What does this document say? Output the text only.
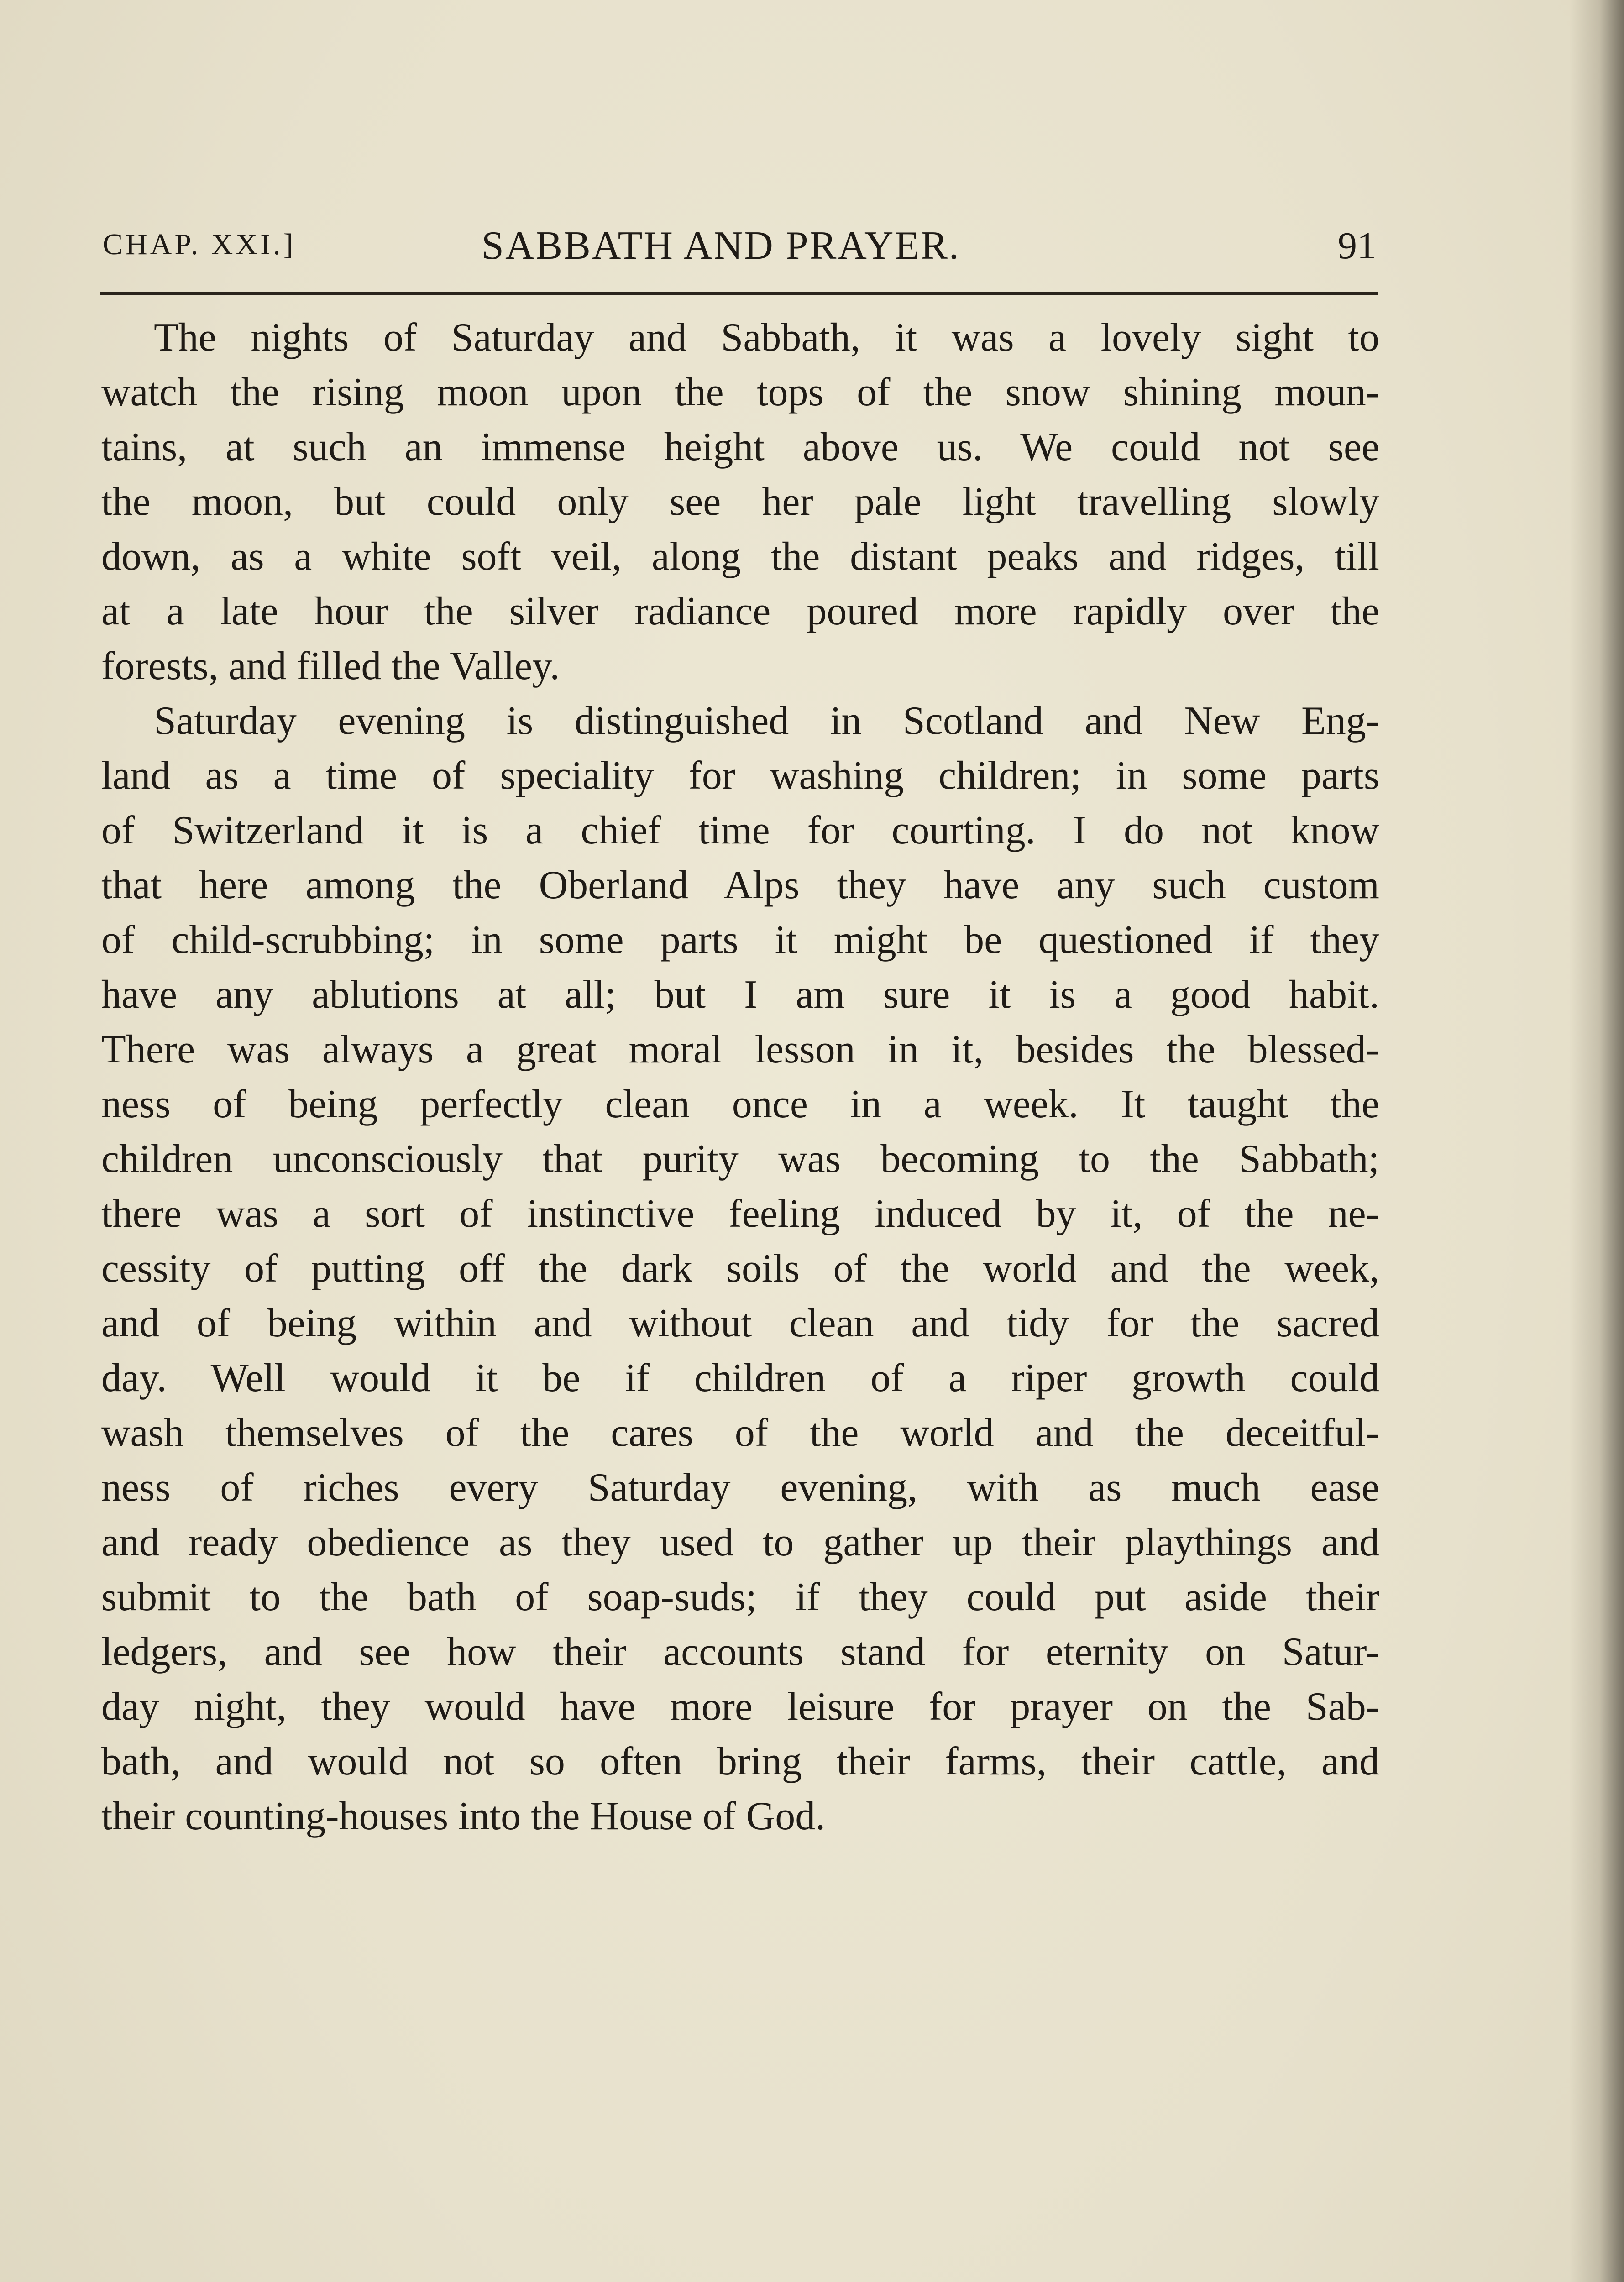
CHAP. XXI.]	SABBATH AND PRAYER.	91
The nights of Saturday and Sabbath, it was a lovely sight to
watch the rising moon upon the tops of the snow shining moun-
tains, at such an immense height above us. We could not see
the moon, but could only see her pale light travelling slowly
down, as a white soft veil, along the distant peaks and ridges, till
at a late hour the silver radiance poured more rapidly over the
forests, and filled the Valley.
Saturday evening is distinguished in Scotland and New Eng-
land as a time of speciality for washing children; in some parts
of Switzerland it is a chief time for courting. I do not know
that here among the Oberland Alps they have any such custom
of child-scrubbing; in some parts it might be questioned if they
have any ablutions at all; but I am sure it is a good habit.
There was always a great moral lesson in it, besides the blessed-
ness of being perfectly clean once in a week. It taught the
children unconsciously that purity was becoming to the Sabbath;
there was a sort of instinctive feeling induced by it, of the ne-
cessity of putting off the dark soils of the world and the week,
and of being within and without clean and tidy for the sacred
day. Well would it be if children of a riper growth could
wash themselves of the cares of the world and the deceitful-
ness of riches every Saturday evening, with as much ease
and ready obedience as they used to gather up their playthings and
submit to the bath of soap-suds; if they could put aside their
ledgers, and see how their accounts stand for eternity on Satur-
day night, they would have more leisure for prayer on the Sab-
bath, and would not so often bring their farms, their cattle, and
their counting-houses into the House of God.
